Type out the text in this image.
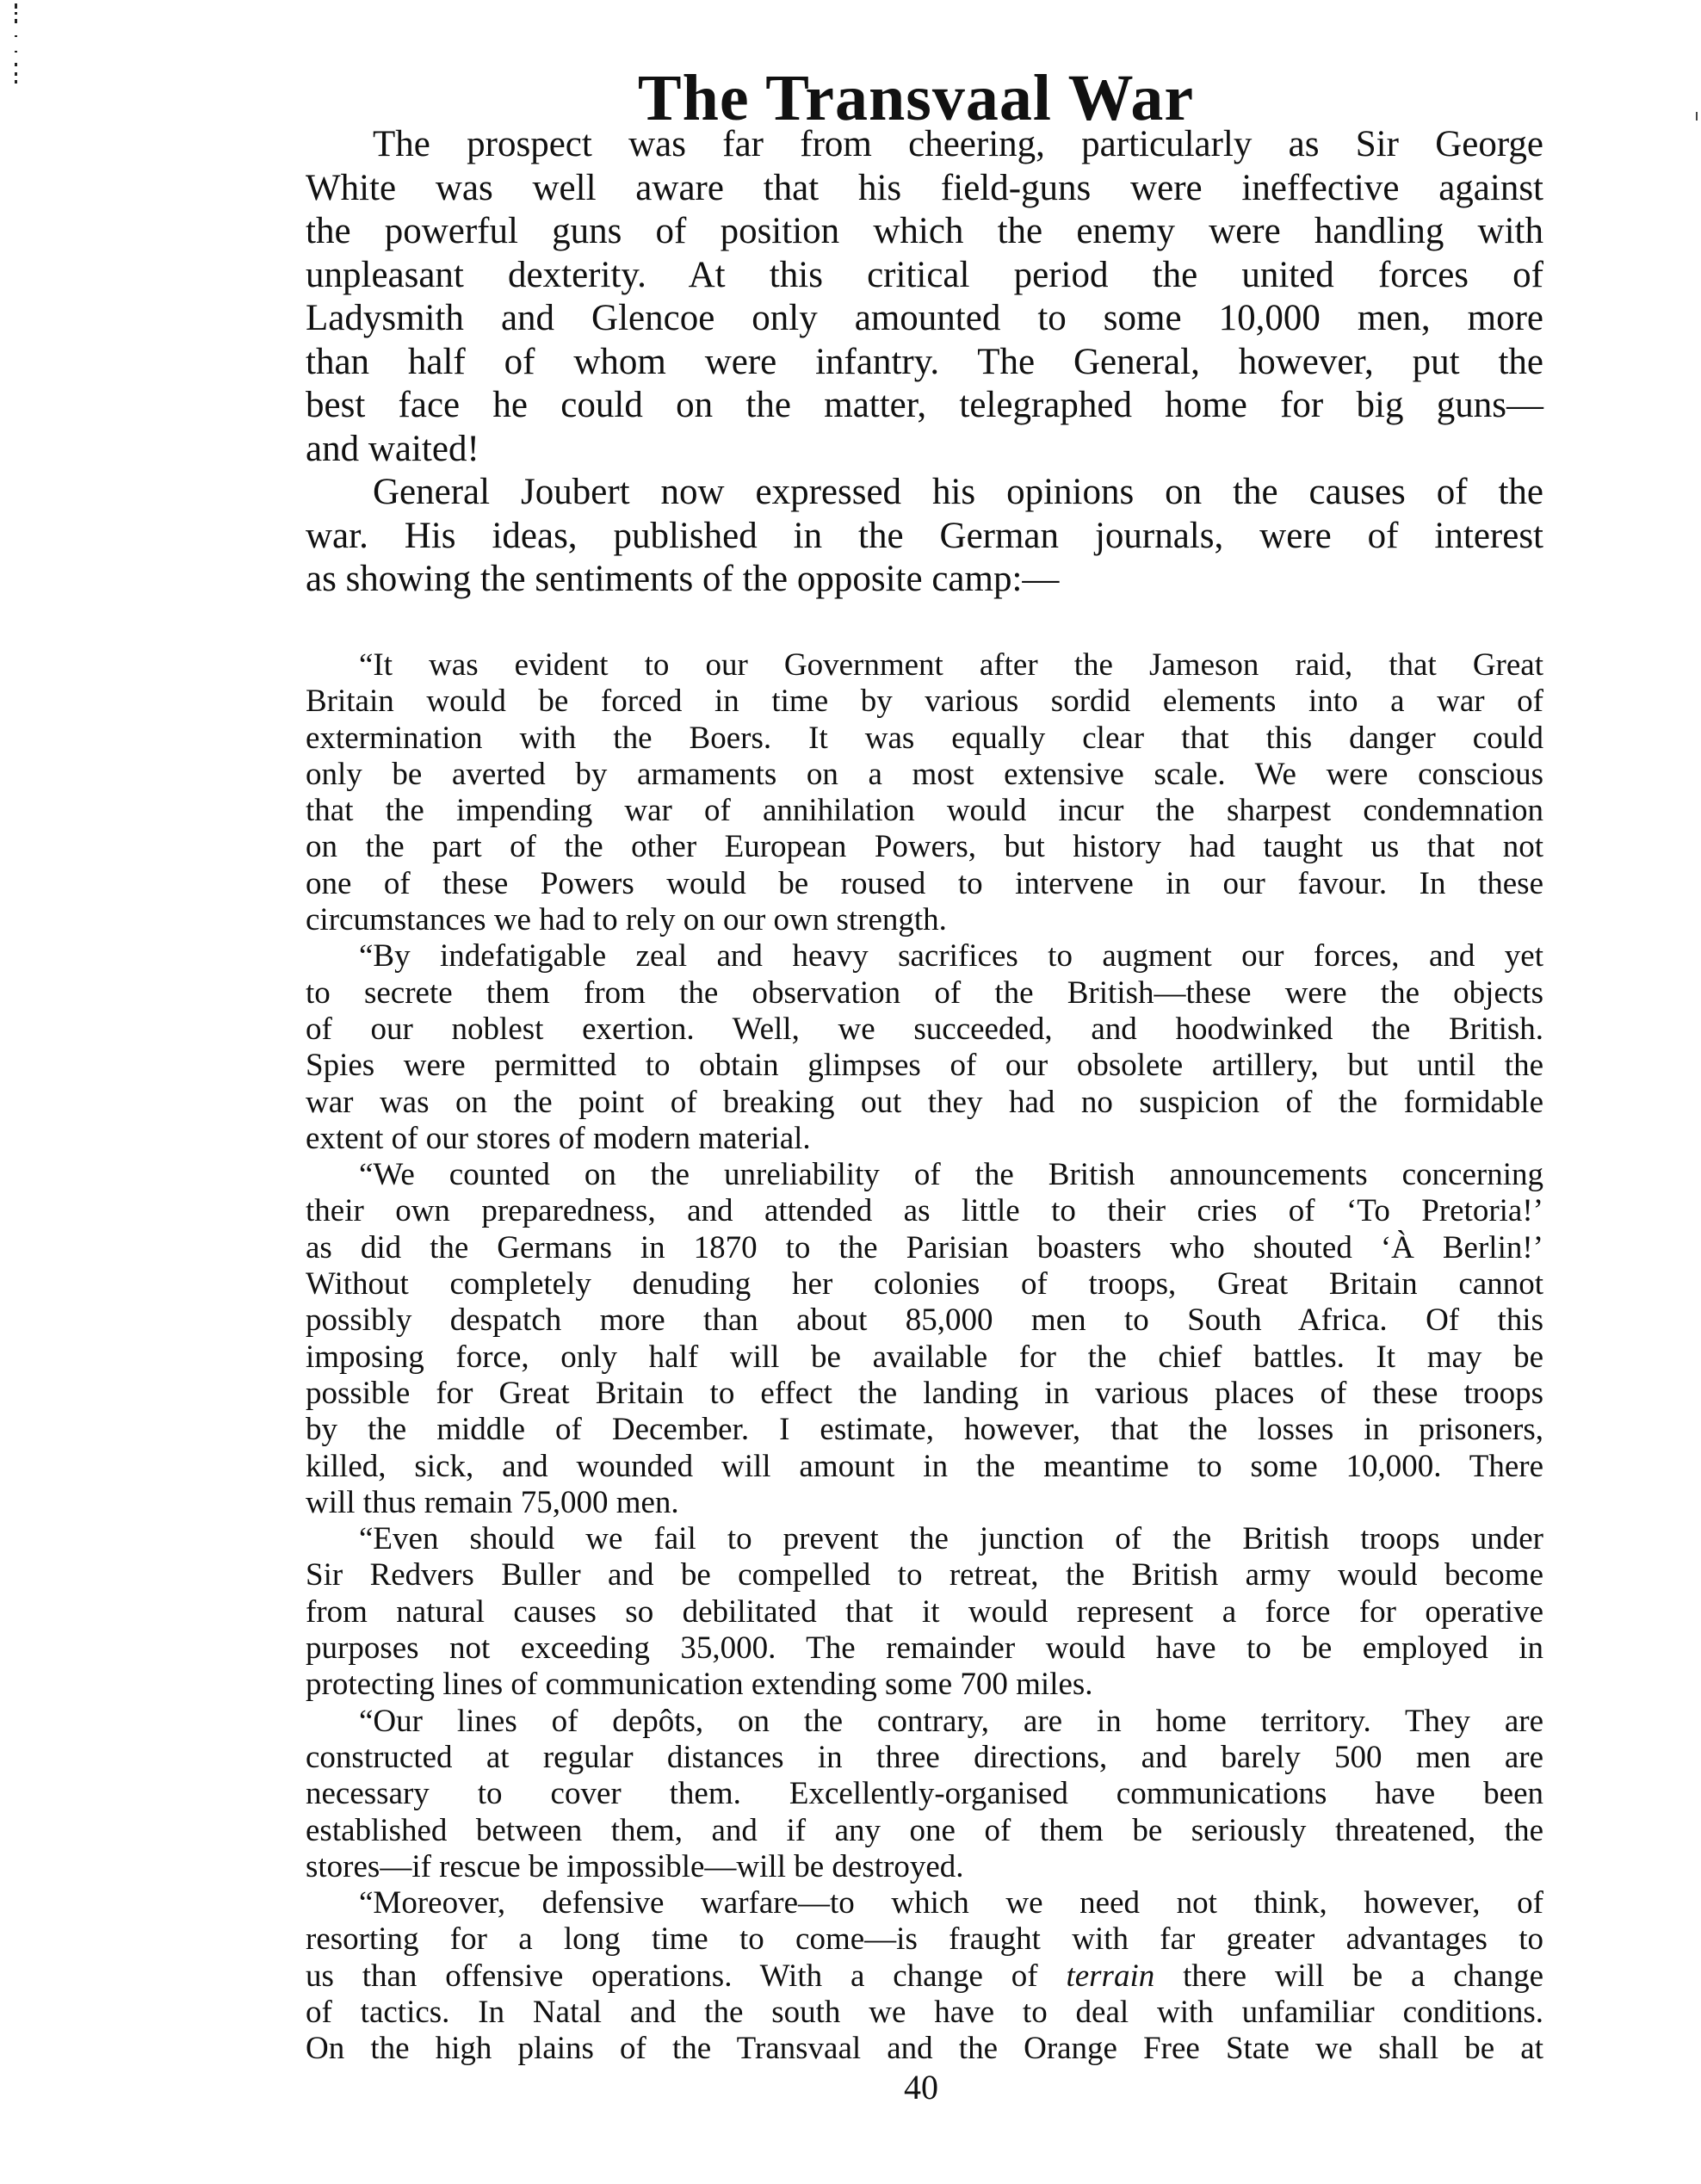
The Transvaal War
The prospect was far from cheering, particularly as Sir George
White was well aware that his field-guns were ineffective against
the powerful guns of position which the enemy were handling with
unpleasant dexterity. At this critical period the united forces of
Ladysmith and Glencoe only amounted to some 10,000 men, more
than half of whom were infantry. The General, however, put the
best face he could on the matter, telegraphed home for big guns—
and waited!
General Joubert now expressed his opinions on the causes of the
war. His ideas, published in the German journals, were of interest
as showing the sentiments of the opposite camp:—
“It was evident to our Government after the Jameson raid, that Great
Britain would be forced in time by various sordid elements into a war of
extermination with the Boers. It was equally clear that this danger could
only be averted by armaments on a most extensive scale. We were conscious
that the impending war of annihilation would incur the sharpest condemnation
on the part of the other European Powers, but history had taught us that not
one of these Powers would be roused to intervene in our favour. In these
circumstances we had to rely on our own strength.
“By indefatigable zeal and heavy sacrifices to augment our forces, and yet
to secrete them from the observation of the British—these were the objects
of our noblest exertion. Well, we succeeded, and hoodwinked the British.
Spies were permitted to obtain glimpses of our obsolete artillery, but until the
war was on the point of breaking out they had no suspicion of the formidable
extent of our stores of modern material.
“We counted on the unreliability of the British announcements concerning
their own preparedness, and attended as little to their cries of ‘To Pretoria!’
as did the Germans in 1870 to the Parisian boasters who shouted ‘À Berlin!’
Without completely denuding her colonies of troops, Great Britain cannot
possibly despatch more than about 85,000 men to South Africa. Of this
imposing force, only half will be available for the chief battles. It may be
possible for Great Britain to effect the landing in various places of these troops
by the middle of December. I estimate, however, that the losses in prisoners,
killed, sick, and wounded will amount in the meantime to some 10,000. There
will thus remain 75,000 men.
“Even should we fail to prevent the junction of the British troops under
Sir Redvers Buller and be compelled to retreat, the British army would become
from natural causes so debilitated that it would represent a force for operative
purposes not exceeding 35,000. The remainder would have to be employed in
protecting lines of communication extending some 700 miles.
“Our lines of depôts, on the contrary, are in home territory. They are
constructed at regular distances in three directions, and barely 500 men are
necessary to cover them. Excellently-organised communications have been
established between them, and if any one of them be seriously threatened, the
stores—if rescue be impossible—will be destroyed.
“Moreover, defensive warfare—to which we need not think, however, of
resorting for a long time to come—is fraught with far greater advantages to
us than offensive operations. With a change of terrain there will be a change
of tactics. In Natal and the south we have to deal with unfamiliar conditions.
On the high plains of the Transvaal and the Orange Free State we shall be at
40
